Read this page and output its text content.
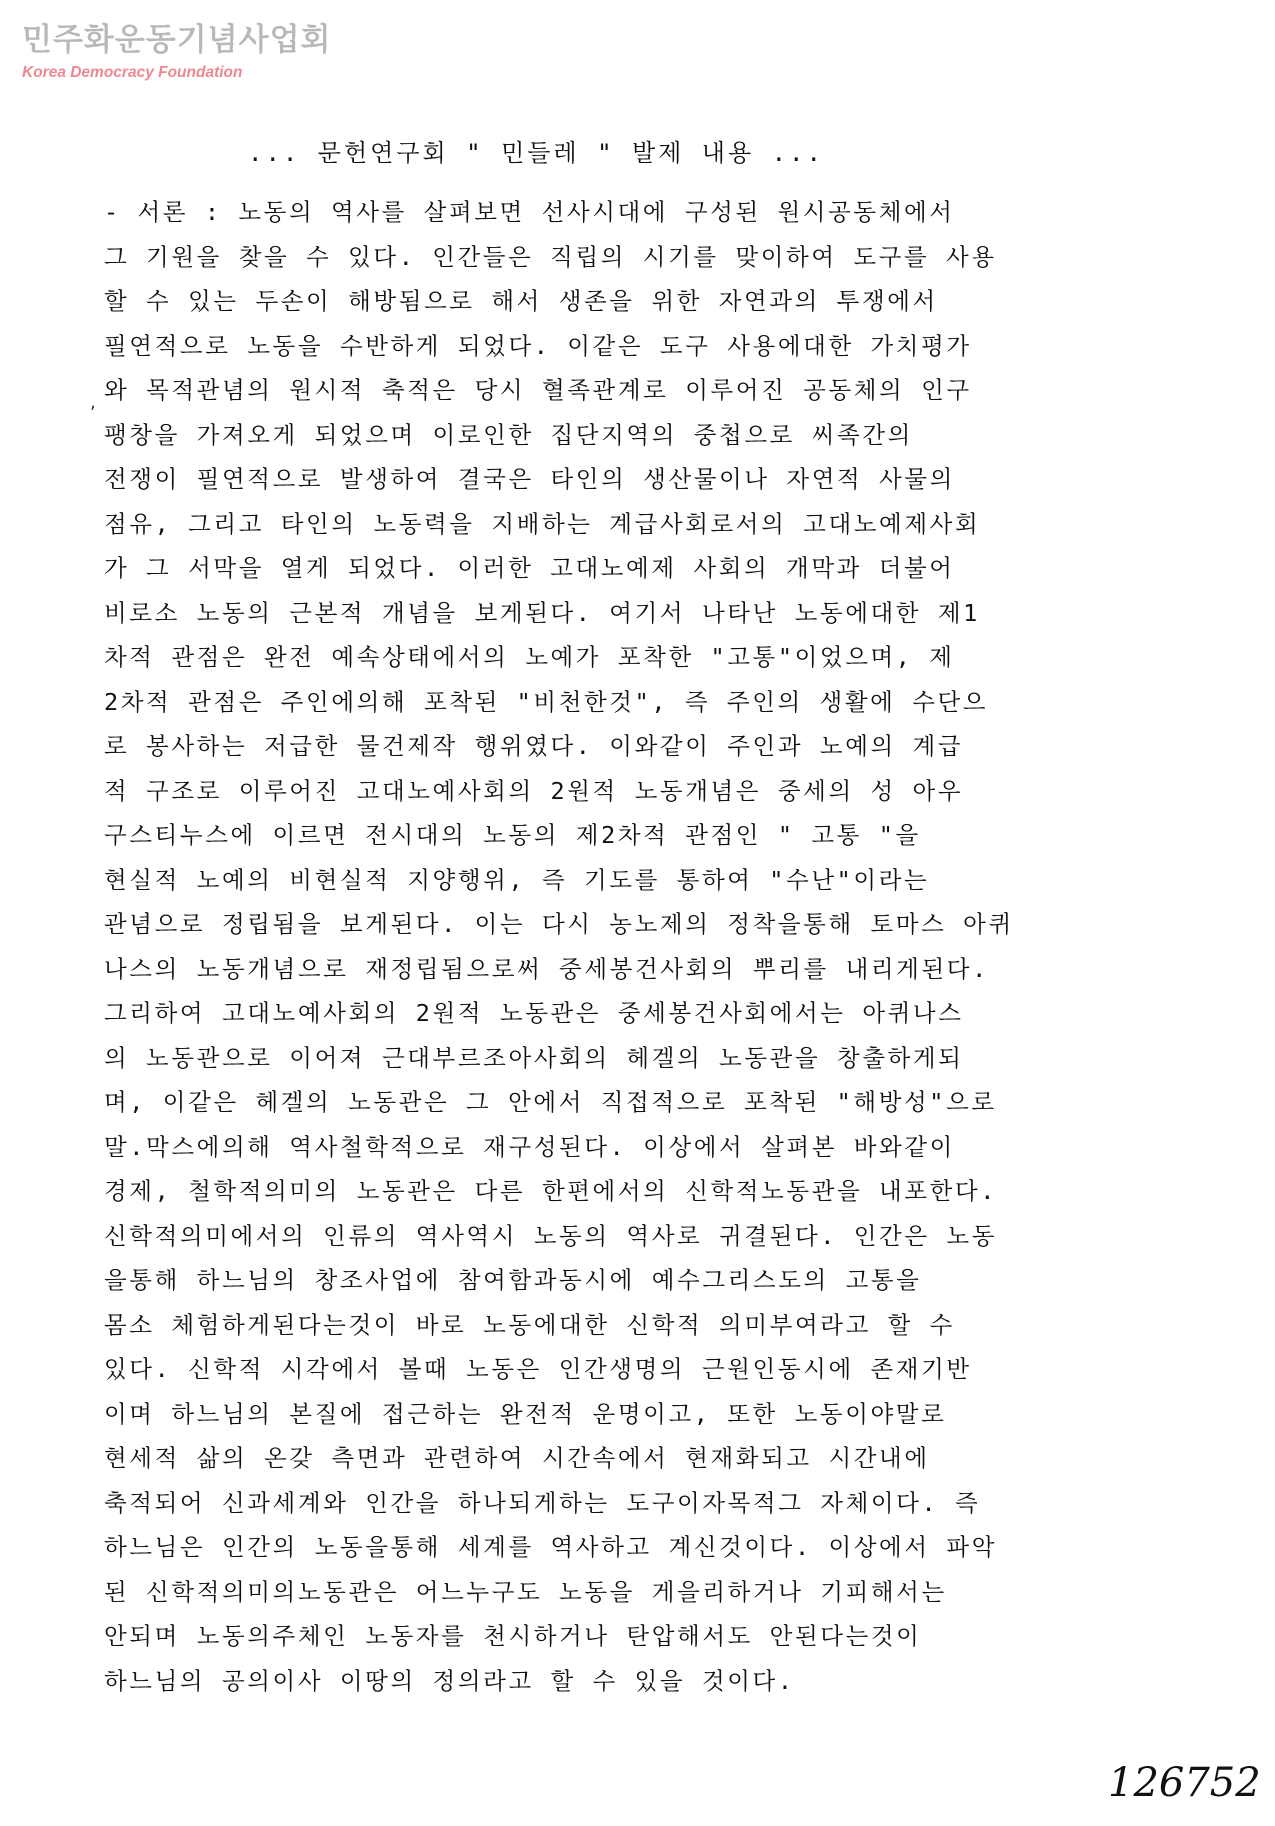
민주화운동기념사업회
Korea Democracy Foundation
... 문헌연구회 " 민들레 " 발제 내용 ...
,
- 서론 : 노동의 역사를 살펴보면 선사시대에 구성된 원시공동체에서
그 기원을 찾을 수 있다. 인간들은 직립의 시기를 맞이하여 도구를 사용
할 수 있는 두손이 해방됨으로 해서 생존을 위한 자연과의 투쟁에서
필연적으로 노동을 수반하게 되었다. 이같은 도구 사용에대한 가치평가
와 목적관념의 원시적 축적은 당시 혈족관계로 이루어진 공동체의 인구
팽창을 가져오게 되었으며 이로인한 집단지역의 중첩으로 씨족간의
전쟁이 필연적으로 발생하여 결국은 타인의 생산물이나 자연적 사물의
점유, 그리고 타인의 노동력을 지배하는 계급사회로서의 고대노예제사회
가 그 서막을 열게 되었다. 이러한 고대노예제 사회의 개막과 더불어
비로소 노동의 근본적 개념을 보게된다. 여기서 나타난 노동에대한 제1
차적 관점은 완전 예속상태에서의 노예가 포착한 "고통"이었으며, 제
2차적 관점은 주인에의해 포착된 "비천한것", 즉 주인의 생활에 수단으
로 봉사하는 저급한 물건제작 행위였다. 이와같이 주인과 노예의 계급
적 구조로 이루어진 고대노예사회의 2원적 노동개념은 중세의 성 아우
구스티누스에 이르면 전시대의 노동의 제2차적 관점인 " 고통 "을
현실적 노예의 비현실적 지양행위, 즉 기도를 통하여 "수난"이라는
관념으로 정립됨을 보게된다. 이는 다시 농노제의 정착을통해 토마스 아퀴
나스의 노동개념으로 재정립됨으로써 중세봉건사회의 뿌리를 내리게된다.
그리하여 고대노예사회의 2원적 노동관은 중세봉건사회에서는 아퀴나스
의 노동관으로 이어져 근대부르조아사회의 헤겔의 노동관을 창출하게되
며, 이같은 헤겔의 노동관은 그 안에서 직접적으로 포착된 "해방성"으로
말.막스에의해 역사철학적으로 재구성된다. 이상에서 살펴본 바와같이
경제, 철학적의미의 노동관은 다른 한편에서의 신학적노동관을 내포한다.
신학적의미에서의 인류의 역사역시 노동의 역사로 귀결된다. 인간은 노동
을통해 하느님의 창조사업에 참여함과동시에 예수그리스도의 고통을
몸소 체험하게된다는것이 바로 노동에대한 신학적 의미부여라고 할 수
있다. 신학적 시각에서 볼때 노동은 인간생명의 근원인동시에 존재기반
이며 하느님의 본질에 접근하는 완전적 운명이고, 또한 노동이야말로
현세적 삶의 온갖 측면과 관련하여 시간속에서 현재화되고 시간내에
축적되어 신과세계와 인간을 하나되게하는 도구이자목적그 자체이다. 즉
하느님은 인간의 노동을통해 세계를 역사하고 계신것이다. 이상에서 파악
된 신학적의미의노동관은 어느누구도 노동을 게을리하거나 기피해서는
안되며 노동의주체인 노동자를 천시하거나 탄압해서도 안된다는것이
하느님의 공의이사 이땅의 정의라고 할 수 있을 것이다.
126752
